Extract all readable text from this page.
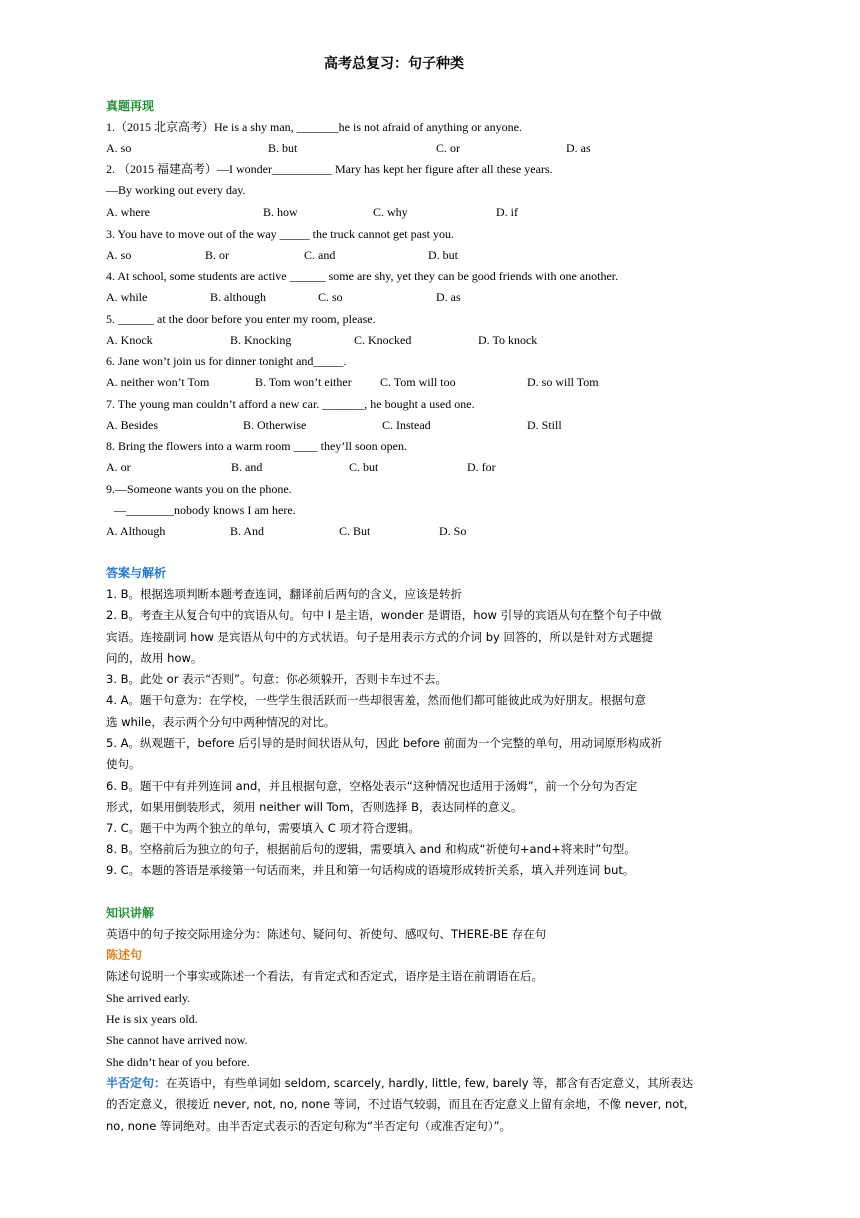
高考总复习：句子种类
真题再现
1.（2015 北京高考）He is a shy man, _______he is not afraid of anything or anyone.
A. so	B. but	C. or	D. as
2. （2015 福建高考）—I wonder__________ Mary has kept her figure after all these years.
—By working out every day.
A. where	B. how	C. why	D. if
3. You have to move out of the way _____ the truck cannot get past you.
A. so	B. or	C. and	D. but
4. At school, some students are active ______ some are shy, yet they can be good friends with one another.
A. while	B. although	C. so	D. as
5. ______ at the door before you enter my room, please.
A. Knock	B. Knocking	C. Knocked	D. To knock
6. Jane won’t join us for dinner tonight and_____.
A. neither won’t Tom	B. Tom won’t either C. Tom will too	D. so will Tom
7. The young man couldn’t afford a new car. _______, he bought a used one.
A. Besides	B. Otherwise	C. Instead	D. Still
8. Bring the flowers into a warm room ____ they’ll soon open.
A. or	B. and	C. but	D. for
9.—Someone wants you on the phone.
—________nobody knows I am here.
A. Although	B. And	C. But	D. So
答案与解析
1. B。根据选项判断本题考查连词，翻译前后两句的含义，应该是转折
2. B。考查主从复合句中的宾语从句。句中 I 是主语，wonder 是谓语，how 引导的宾语从句在整个句子中做
宾语。连接副词 how 是宾语从句中的方式状语。句子是用表示方式的介词 by 回答的，所以是针对方式题提
问的，故用 how。
3. B。此处 or 表示“否则”。句意：你必须躲开，否则卡车过不去。
4. A。题干句意为：在学校，一些学生很活跃而一些却很害羞，然而他们都可能彼此成为好朋友。根据句意
选 while，表示两个分句中两种情况的对比。
5. A。纵观题干，before 后引导的是时间状语从句，因此 before 前面为一个完整的单句，用动词原形构成祈
使句。
6. B。题干中有并列连词 and，并且根据句意，空格处表示“这种情况也适用于汤姆”，前一个分句为否定
形式，如果用倒装形式，须用 neither will Tom，否则选择 B，表达同样的意义。
7. C。题干中为两个独立的单句，需要填入 C 项才符合逻辑。
8. B。空格前后为独立的句子，根据前后句的逻辑，需要填入 and 和构成“祈使句+and+将来时”句型。
9. C。本题的答语是承接第一句话而来，并且和第一句话构成的语境形成转折关系，填入并列连词 but。
知识讲解
英语中的句子按交际用途分为：陈述句、疑问句、祈使句、感叹句、THERE-BE 存在句
陈述句
陈述句说明一个事实或陈述一个看法，有肯定式和否定式，语序是主语在前谓语在后。
She arrived early.
He is six years old.
She cannot have arrived now.
She didn’t hear of you before.
半否定句：在英语中，有些单词如 seldom, scarcely, hardly, little, few, barely 等，都含有否定意义，其所表达
的否定意义，很接近 never, not, no, none 等词，不过语气较弱，而且在否定意义上留有余地，不像 never, not,
no, none 等词绝对。由半否定式表示的否定句称为“半否定句（或准否定句）”。
